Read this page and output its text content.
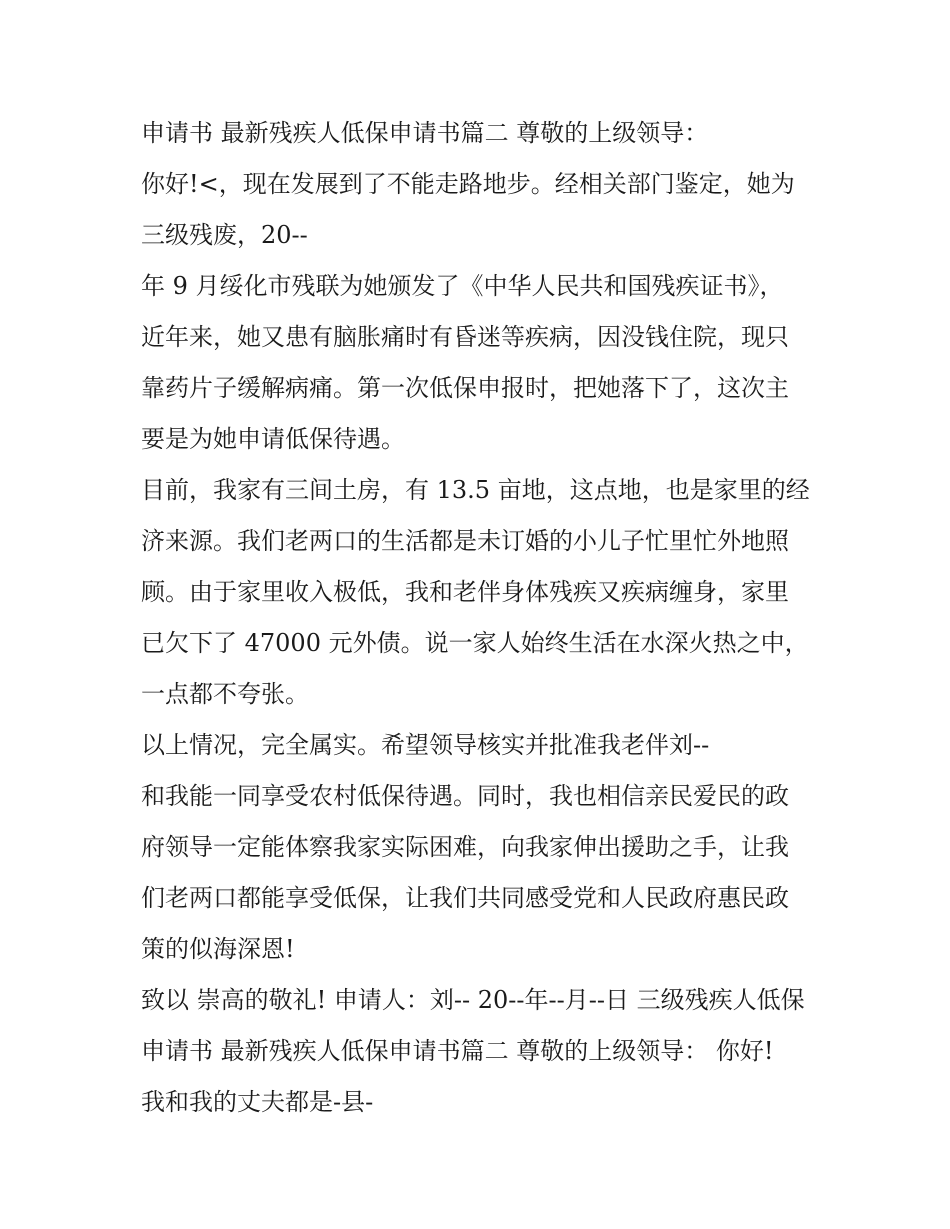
申请书 最新残疾人低保申请书篇二 尊敬的上级领导：
你好!<，现在发展到了不能走路地步。经相关部门鉴定，她为
三级残废，20--
年 9 月绥化市残联为她颁发了《中华人民共和国残疾证书》，
近年来，她又患有脑胀痛时有昏迷等疾病，因没钱住院，现只
靠药片子缓解病痛。第一次低保申报时，把她落下了，这次主
要是为她申请低保待遇。
目前，我家有三间土房，有 13.5 亩地，这点地，也是家里的经
济来源。我们老两口的生活都是未订婚的小儿子忙里忙外地照
顾。由于家里收入极低，我和老伴身体残疾又疾病缠身，家里
已欠下了 47000 元外债。说一家人始终生活在水深火热之中，
一点都不夸张。
以上情况，完全属实。希望领导核实并批准我老伴刘--
和我能一同享受农村低保待遇。同时，我也相信亲民爱民的政
府领导一定能体察我家实际困难，向我家伸出援助之手，让我
们老两口都能享受低保，让我们共同感受党和人民政府惠民政
策的似海深恩!
致以 崇高的敬礼! 申请人：刘-- 20--年--月--日 三级残疾人低保
申请书 最新残疾人低保申请书篇二 尊敬的上级领导： 你好!
我和我的丈夫都是-县-
